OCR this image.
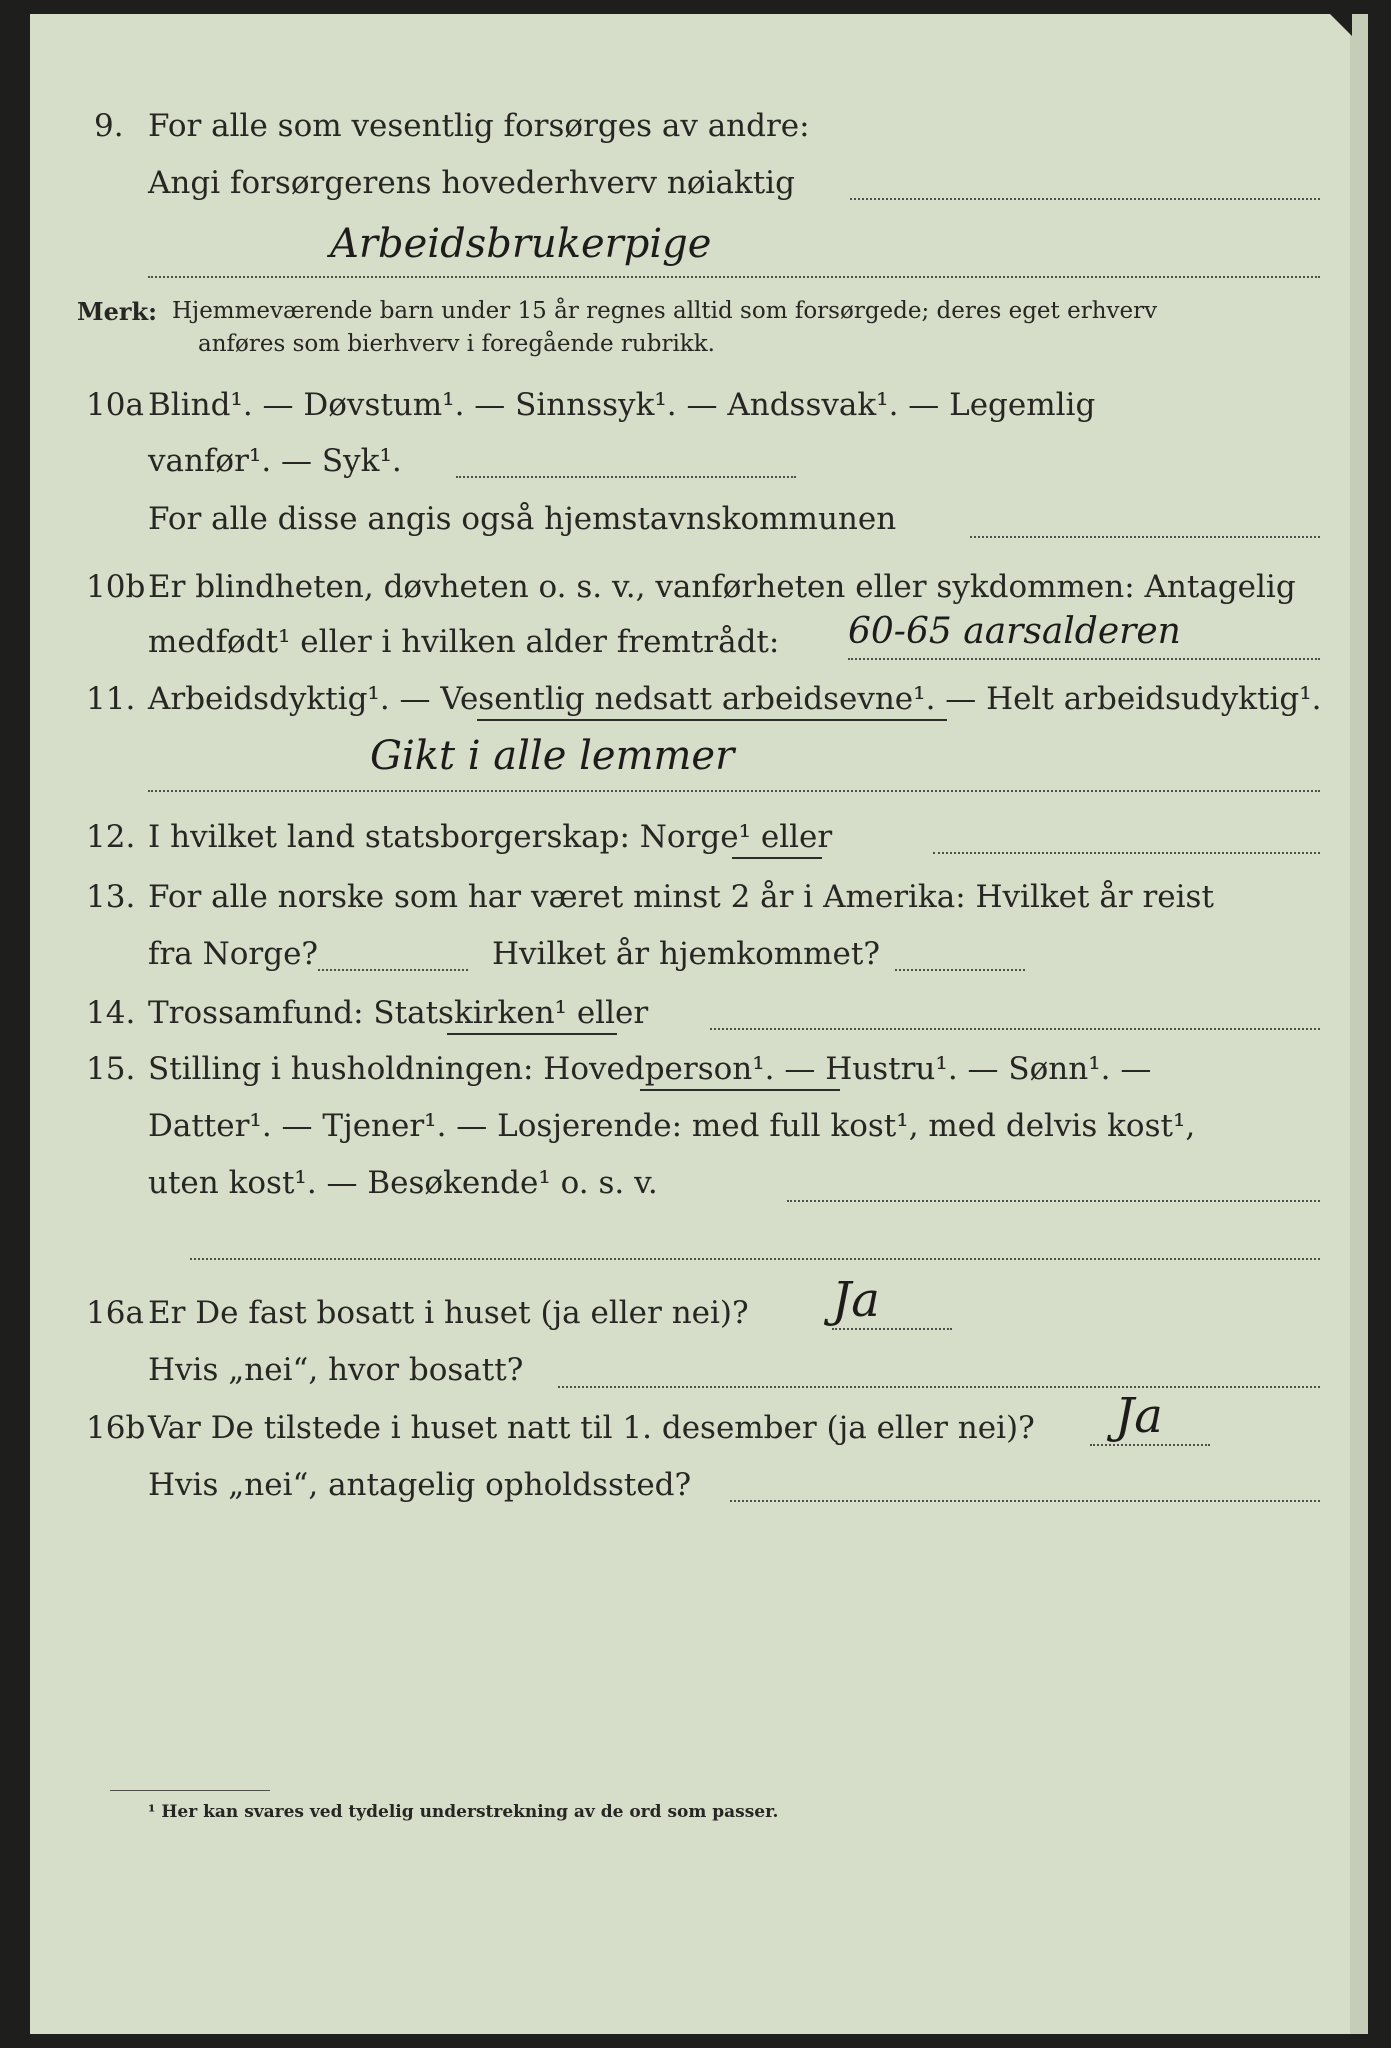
9. For alle som vesentlig forsørges av andre:
Angi forsørgerens hovederhverv nøiaktig
Arbeidsbrukerpige
Merk: Hjemmeværende barn under 15 år regnes alltid som forsørgede; deres eget erhverv
anføres som bierhverv i foregående rubrikk.
10a Blind¹. — Døvstum¹. — Sinnssyk¹. — Andssvak¹. — Legemlig
vanfør¹. — Syk¹.
For alle disse angis også hjemstavnskommunen
10b Er blindheten, døvheten o. s. v., vanførheten eller sykdommen: Antagelig
medfødt¹ eller i hvilken alder fremtrådt: 60-65 aarsalderen
11. Arbeidsdyktig¹. — Vesentlig nedsatt arbeidsevne¹. — Helt arbeidsudyktig¹.
Gikt i alle lemmer
12. I hvilket land statsborgerskap: Norge¹ eller
13. For alle norske som har været minst 2 år i Amerika: Hvilket år reist
fra Norge?	Hvilket år hjemkommet?
14. Trossamfund: Statskirken¹ eller
15. Stilling i husholdningen: Hovedperson¹. — Hustru¹. — Sønn¹. —
Datter¹. — Tjener¹. — Losjerende: med full kost¹, med delvis kost¹,
uten kost¹. — Besøkende¹ o. s. v.
16a Er De fast bosatt i huset (ja eller nei)? Ja
Hvis „nei“, hvor bosatt?
16b Var De tilstede i huset natt til 1. desember (ja eller nei)? Ja
Hvis „nei“, antagelig opholdssted?
¹ Her kan svares ved tydelig understrekning av de ord som passer.
